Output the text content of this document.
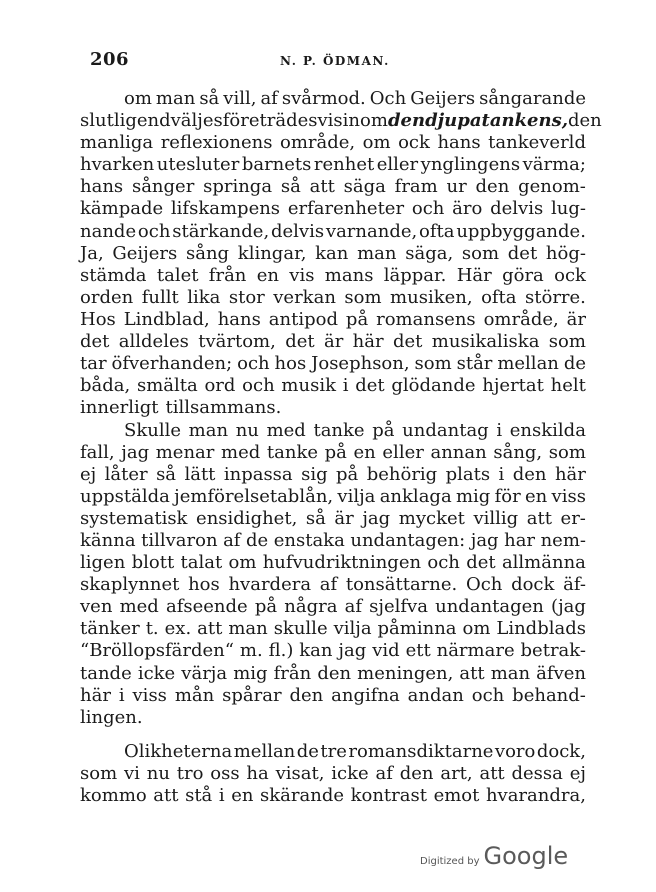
206	N. P. ÖDMAN.
om man så vill, af svårmod. Och Geijers sångarande
slutligen dväljes företrädesvis inom den djupa tankens, den
manliga reflexionens område, om ock hans tankeverld
hvarken utesluter barnets renhet eller ynglingens värma;
hans sånger springa så att säga fram ur den genom-
kämpade lifskampens erfarenheter och äro delvis lug-
nande och stärkande, delvis varnande, ofta uppbyggande.
Ja, Geijers sång klingar, kan man säga, som det hög-
stämda talet från en vis mans läppar. Här göra ock
orden fullt lika stor verkan som musiken, ofta större.
Hos Lindblad, hans antipod på romansens område, är
det alldeles tvärtom, det är här det musikaliska som
tar öfverhanden; och hos Josephson, som står mellan de
båda, smälta ord och musik i det glödande hjertat helt
innerligt tillsammans.
Skulle man nu med tanke på undantag i enskilda
fall, jag menar med tanke på en eller annan sång, som
ej låter så lätt inpassa sig på behörig plats i den här
uppstälda jemförelsetablån, vilja anklaga mig för en viss
systematisk ensidighet, så är jag mycket villig att er-
känna tillvaron af de enstaka undantagen: jag har nem-
ligen blott talat om hufvudriktningen och det allmänna
skaplynnet hos hvardera af tonsättarne. Och dock äf-
ven med afseende på några af sjelfva undantagen (jag
tänker t. ex. att man skulle vilja påminna om Lindblads
“Bröllopsfärden“ m. fl.) kan jag vid ett närmare betrak-
tande icke värja mig från den meningen, att man äfven
här i viss mån spårar den angifna andan och behand-
lingen.
Olikheterna mellan de tre romansdiktarne voro dock,
som vi nu tro oss ha visat, icke af den art, att dessa ej
kommo att stå i en skärande kontrast emot hvarandra,
Digitized by Google
